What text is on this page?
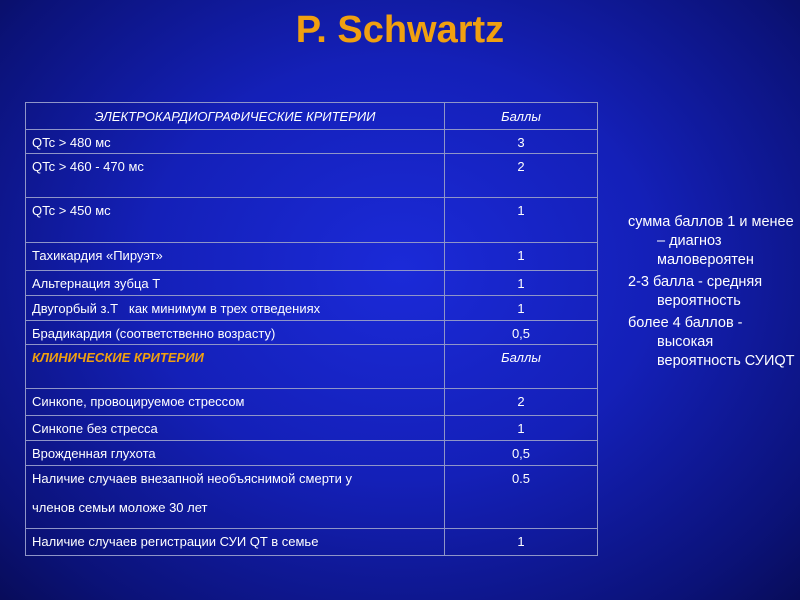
P. Schwartz
ЭЛЕКТРОКАРДИОГРАФИЧЕСКИЕ КРИТЕРИИ	Баллы
QTc > 480 мс	3
QTc > 460 - 470 мс	2
QTc > 450 мс	1
Тахикардия «Пируэт»	1
Альтернация зубца Т	1
Двугорбый з.Т   как минимум в трех отведениях	1
Брадикардия (соответственно возрасту)	0,5
КЛИНИЧЕСКИЕ КРИТЕРИИ	Баллы
Синкопе, провоцируемое стрессом	2
Синкопе без стресса	1
Врожденная глухота	0,5

Наличие случаев внезапной необъяснимой смерти у
членов семьи моложе 30 лет	0.5
Наличие случаев регистрации СУИ QT в семье	1
сумма баллов 1 и менее – диагноз маловероятен
2-3 балла - средняя вероятность
более 4 баллов - высокая вероятность СУИQT
